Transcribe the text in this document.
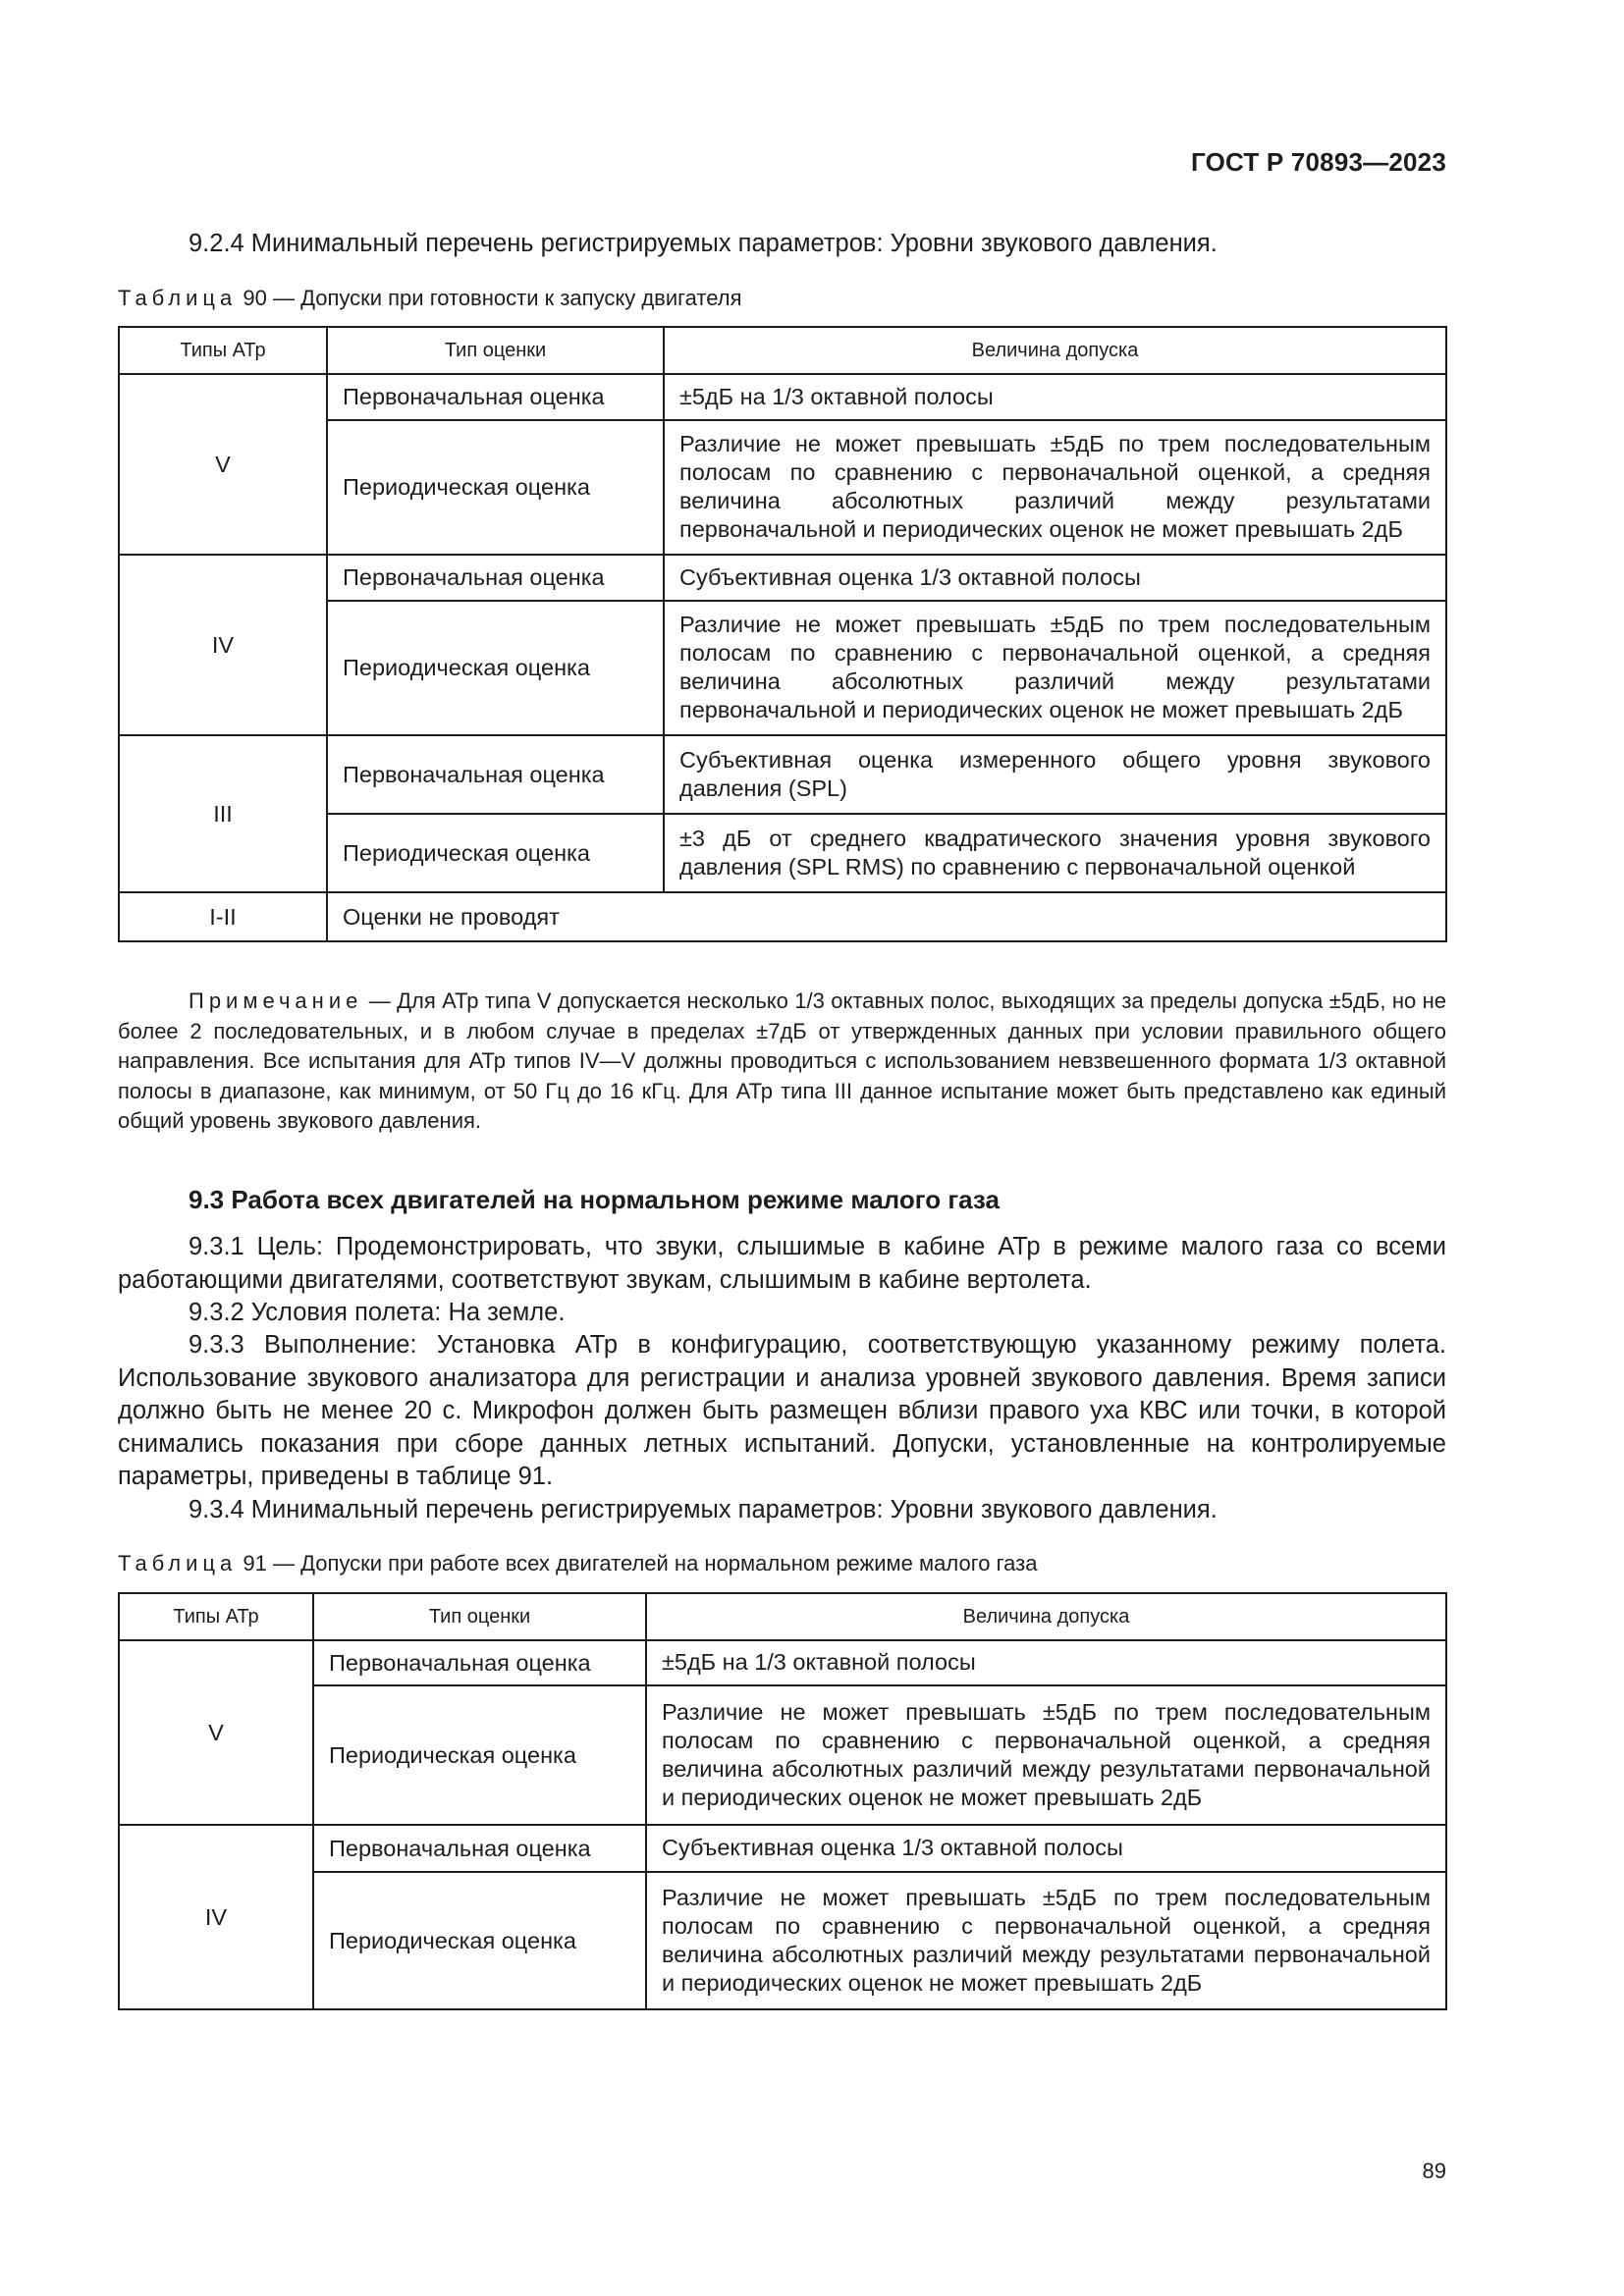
ГОСТ Р 70893—2023
9.2.4 Минимальный перечень регистрируемых параметров: Уровни звукового давления.
Таблица 90 — Допуски при готовности к запуску двигателя
Типы АТр	Тип оценки	Величина допуска
V	Первоначальная оценка	±5дБ на 1/3 октавной полосы
	Периодическая оценка	Различие не может превышать ±5дБ по трем последовательным полосам по сравнению с первоначальной оценкой, а средняя величина абсолютных различий между результатами первоначальной и периодических оценок не может превышать 2дБ
IV	Первоначальная оценка	Субъективная оценка 1/3 октавной полосы
	Периодическая оценка	Различие не может превышать ±5дБ по трем последовательным полосам по сравнению с первоначальной оценкой, а средняя величина абсолютных различий между результатами первоначальной и периодических оценок не может превышать 2дБ
III	Первоначальная оценка	Субъективная оценка измеренного общего уровня звукового давления (SPL)
	Периодическая оценка	±3 дБ от среднего квадратического значения уровня звукового давления (SPL RMS) по сравнению с первоначальной оценкой
I-II	Оценки не проводят	
Примечание — Для АТр типа V допускается несколько 1/3 октавных полос, выходящих за пределы допуска ±5дБ, но не более 2 последовательных, и в любом случае в пределах ±7дБ от утвержденных данных при условии правильного общего направления. Все испытания для АТр типов IV—V должны проводиться с использованием невзвешенного формата 1/3 октавной полосы в диапазоне, как минимум, от 50 Гц до 16 кГц. Для АТр типа III данное испытание может быть представлено как единый общий уровень звукового давления.
9.3 Работа всех двигателей на нормальном режиме малого газа
9.3.1 Цель: Продемонстрировать, что звуки, слышимые в кабине АТр в режиме малого газа со всеми работающими двигателями, соответствуют звукам, слышимым в кабине вертолета.
9.3.2 Условия полета: На земле.
9.3.3 Выполнение: Установка АТр в конфигурацию, соответствующую указанному режиму полета. Использование звукового анализатора для регистрации и анализа уровней звукового давления. Время записи должно быть не менее 20 с. Микрофон должен быть размещен вблизи правого уха КВС или точки, в которой снимались показания при сборе данных летных испытаний. Допуски, установленные на контролируемые параметры, приведены в таблице 91.
9.3.4 Минимальный перечень регистрируемых параметров: Уровни звукового давления.
Таблица 91 — Допуски при работе всех двигателей на нормальном режиме малого газа
Типы АТр	Тип оценки	Величина допуска
V	Первоначальная оценка	±5дБ на 1/3 октавной полосы
	Периодическая оценка	Различие не может превышать ±5дБ по трем последовательным полосам по сравнению с первоначальной оценкой, а средняя величина абсолютных различий между результатами первоначальной и периодических оценок не может превышать 2дБ
IV	Первоначальная оценка	Субъективная оценка 1/3 октавной полосы
	Периодическая оценка	Различие не может превышать ±5дБ по трем последовательным полосам по сравнению с первоначальной оценкой, а средняя величина абсолютных различий между результатами первоначальной и периодических оценок не может превышать 2дБ
89
